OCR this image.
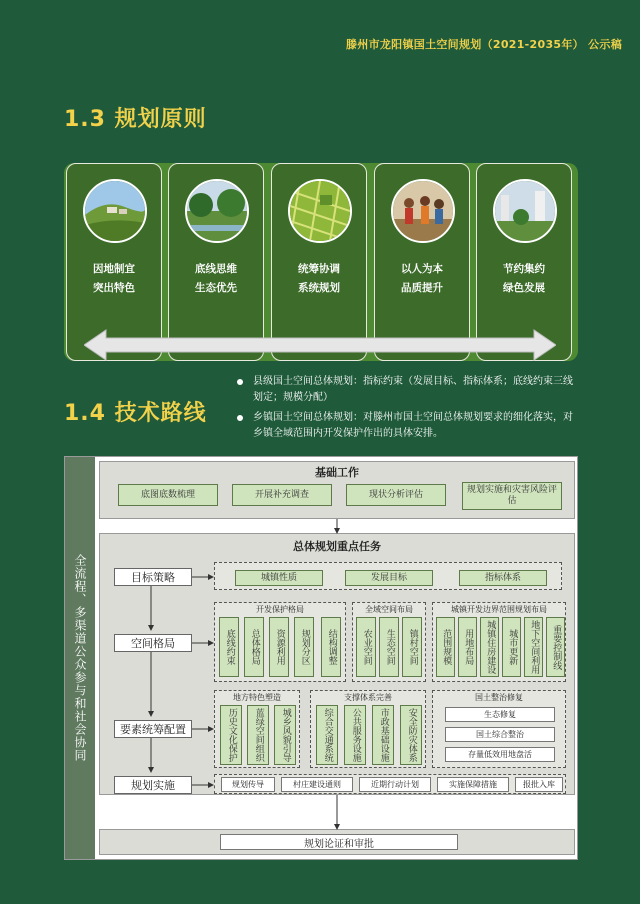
滕州市龙阳镇国土空间规划（2021-2035年） 公示稿
1.3 规划原则
因地制宜
突出特色
底线思维
生态优先
统筹协调
系统规划
以人为本
品质提升
节约集约
绿色发展
县级国土空间总体规划：指标约束（发展目标、指标体系；底线约束三线划定；规模分配）
乡镇国土空间总体规划：对滕州市国土空间总体规划要求的细化落实，对乡镇全域范围内开发保护作出的具体安排。
1.4 技术路线
全流程、多渠道公众参与和社会协同
基础工作
底图底数梳理	开展补充调查	现状分析评估	规划实施和灾害风险评估
总体规划重点任务
目标策略	城镇性质	发展目标	指标体系
空间格局
开发保护格局
底线约束	总体格局	资源利用	规划分区	结构调整
全域空间布局
农业空间	生态空间	镇村空间
城镇开发边界范围规划布局
范围规模	用地布局	城镇住房建设	城市更新	地下空间利用	重要控制线
要素统筹配置
地方特色塑造
历史文化保护	蓝绿空间组织	城乡风貌引导
支撑体系完善
综合交通系统	公共服务设施	市政基础设施	安全防灾体系
国土整治修复
生态修复
国土综合整治
存量低效用地盘活
规划实施	规划传导	村庄建设通则	近期行动计划	实施保障措施	报批入库
规划论证和审批
